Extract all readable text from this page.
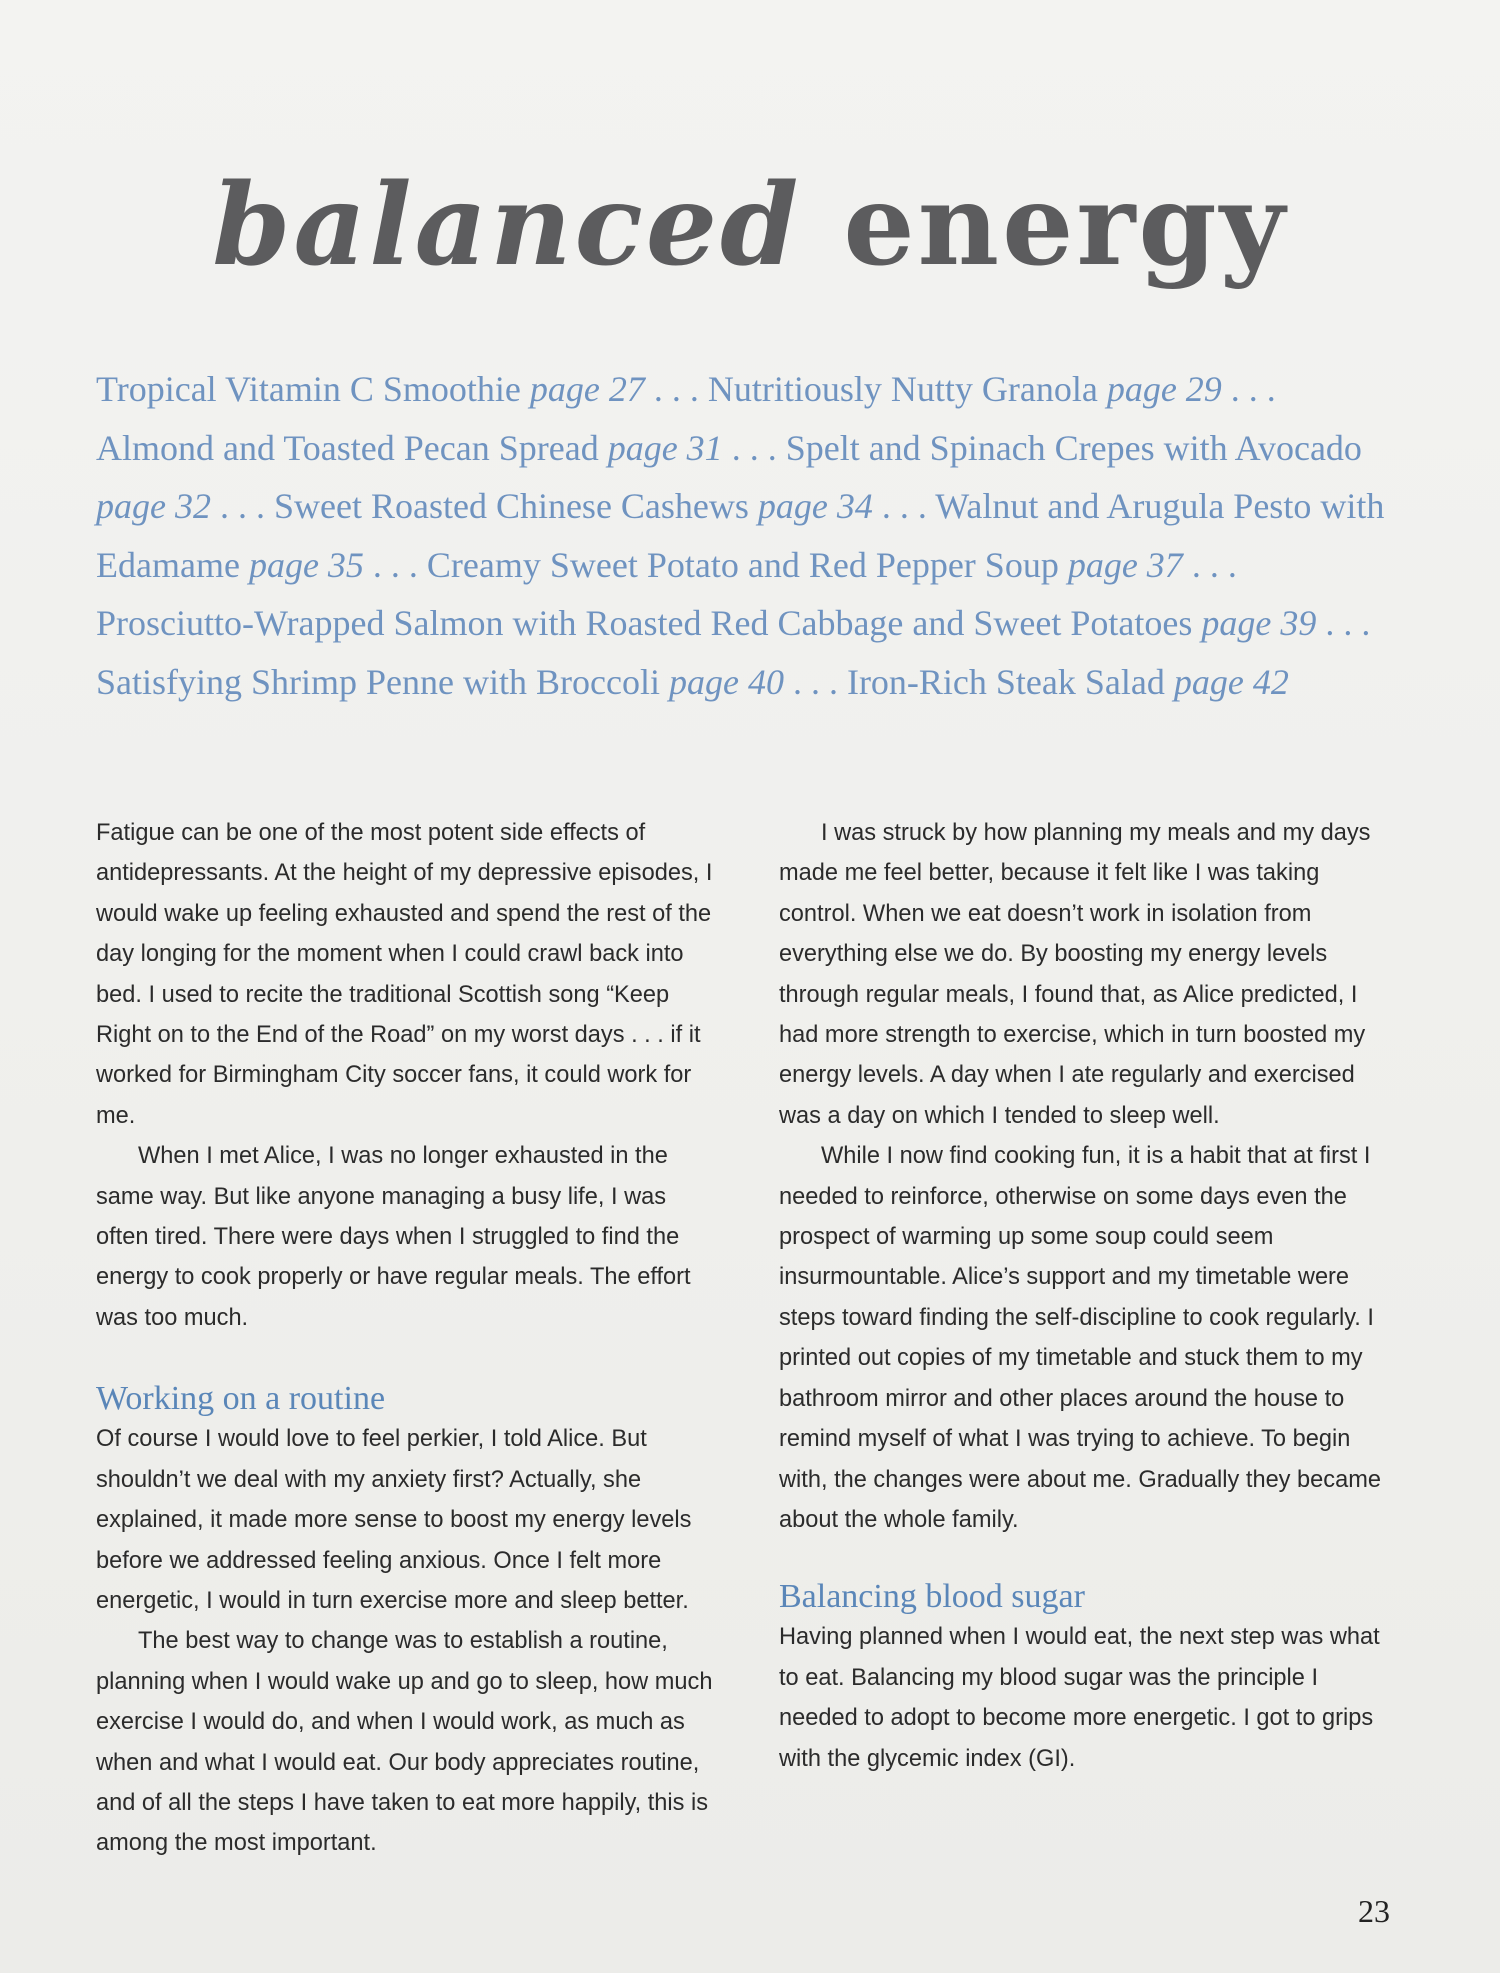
balanced energy
Tropical Vitamin C Smoothie page 27 . . . Nutritiously Nutty Granola page 29 . . . Almond and Toasted Pecan Spread page 31 . . . Spelt and Spinach Crepes with Avocado page 32 . . . Sweet Roasted Chinese Cashews page 34 . . . Walnut and Arugula Pesto with Edamame page 35 . . . Creamy Sweet Potato and Red Pepper Soup page 37 . . . Prosciutto-Wrapped Salmon with Roasted Red Cabbage and Sweet Potatoes page 39 . . . Satisfying Shrimp Penne with Broccoli page 40 . . . Iron-Rich Steak Salad page 42

Fatigue can be one of the most potent side effects of antidepressants. At the height of my depressive episodes, I would wake up feeling exhausted and spend the rest of the day longing for the moment when I could crawl back into bed. I used to recite the traditional Scottish song “Keep Right on to the End of the Road” on my worst days . . . if it worked for Birmingham City soccer fans, it could work for me.

When I met Alice, I was no longer exhausted in the same way. But like anyone managing a busy life, I was often tired. There were days when I struggled to find the energy to cook properly or have regular meals. The effort was too much.

Working on a routine

Of course I would love to feel perkier, I told Alice. But shouldn’t we deal with my anxiety first? Actually, she explained, it made more sense to boost my energy levels before we addressed feeling anxious. Once I felt more energetic, I would in turn exercise more and sleep better.

The best way to change was to establish a routine, planning when I would wake up and go to sleep, how much exercise I would do, and when I would work, as much as when and what I would eat. Our body appreciates routine, and of all the steps I have taken to eat more happily, this is among the most important.

I was struck by how planning my meals and my days made me feel better, because it felt like I was taking control. When we eat doesn’t work in isolation from everything else we do. By boosting my energy levels through regular meals, I found that, as Alice predicted, I had more strength to exercise, which in turn boosted my energy levels. A day when I ate regularly and exercised was a day on which I tended to sleep well.

While I now find cooking fun, it is a habit that at first I needed to reinforce, otherwise on some days even the prospect of warming up some soup could seem insurmountable. Alice’s support and my timetable were steps toward finding the self-discipline to cook regularly. I printed out copies of my timetable and stuck them to my bathroom mirror and other places around the house to remind myself of what I was trying to achieve. To begin with, the changes were about me. Gradually they became about the whole family.

Balancing blood sugar

Having planned when I would eat, the next step was what to eat. Balancing my blood sugar was the principle I needed to adopt to become more energetic. I got to grips with the glycemic index (GI).

23
